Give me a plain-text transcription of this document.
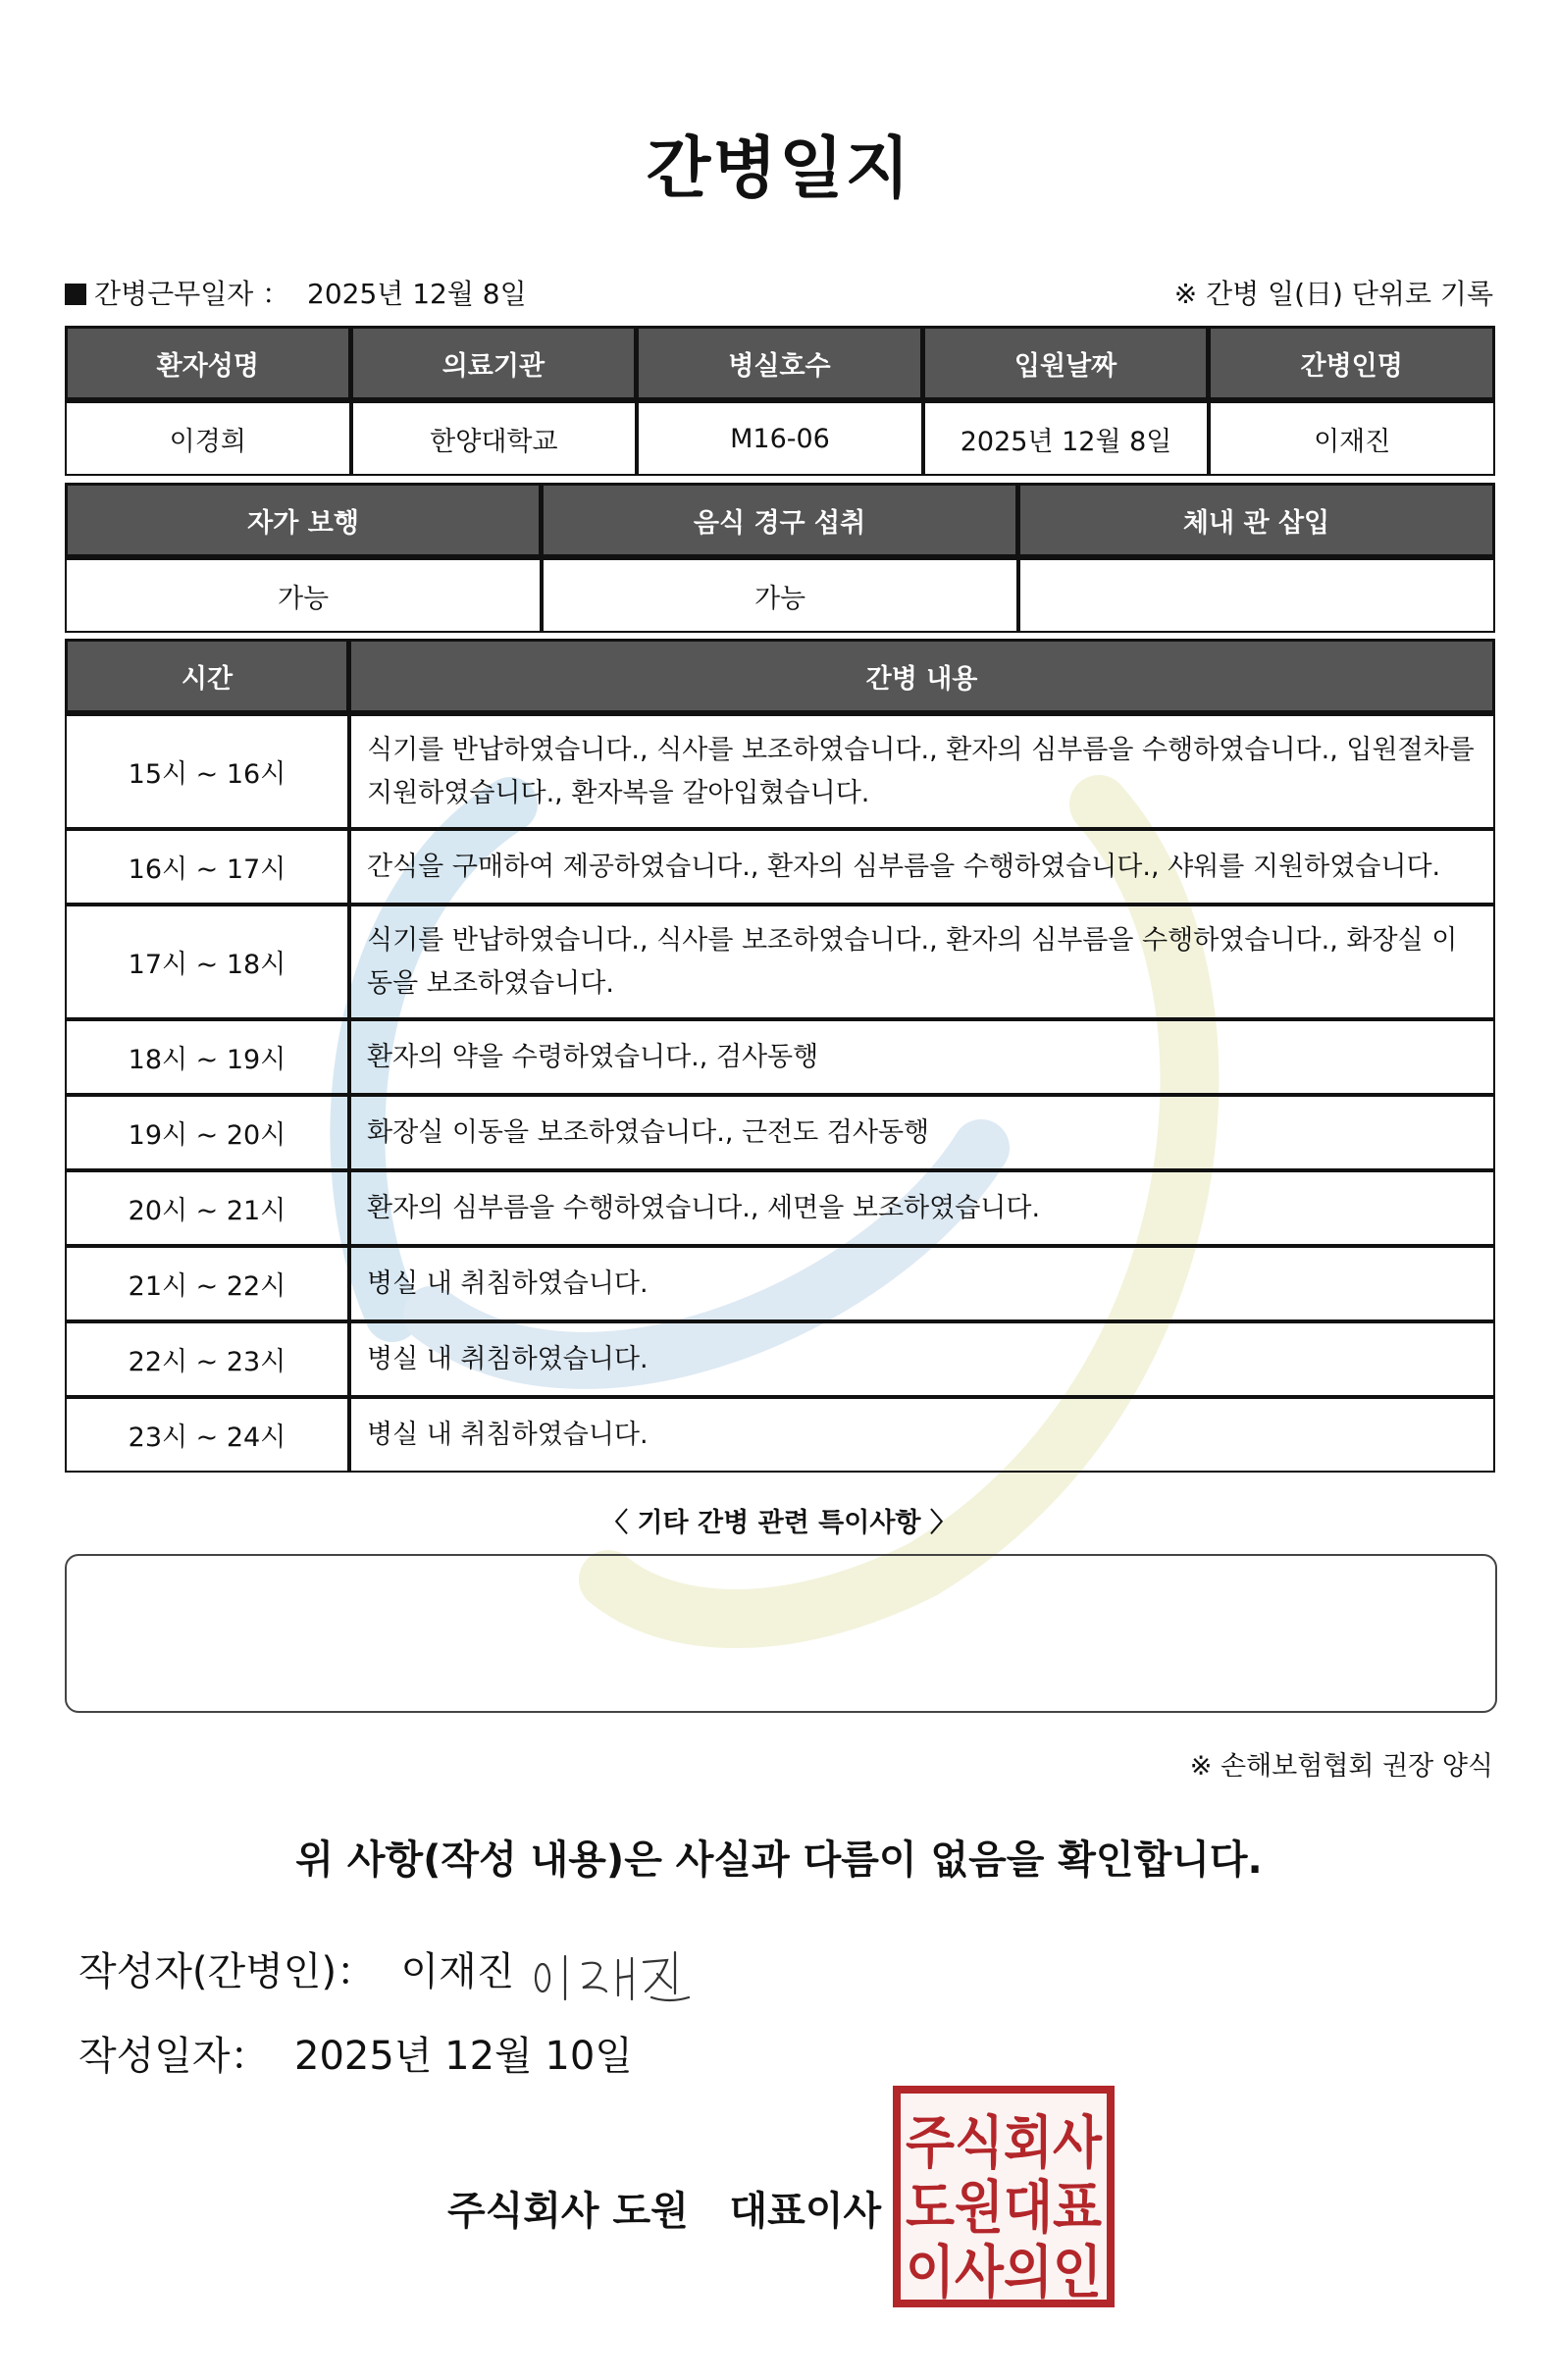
간병일지
간병근무일자 ： 2025년 12월 8일	※ 간병 일(日) 단위로 기록
환자성명	의료기관	병실호수	입원날짜	간병인명
이경희	한양대학교	M16-06	2025년 12월 8일	이재진
자가 보행	음식 경구 섭취	체내 관 삽입
가능	가능	
시간	간병 내용
15시 ~ 16시	식기를 반납하였습니다., 식사를 보조하였습니다., 환자의 심부름을 수행하였습니다., 입원절차를 지원하였습니다., 환자복을 갈아입혔습니다.
16시 ~ 17시	간식을 구매하여 제공하였습니다., 환자의 심부름을 수행하였습니다., 샤워를 지원하였습니다.
17시 ~ 18시	식기를 반납하였습니다., 식사를 보조하였습니다., 환자의 심부름을 수행하였습니다., 화장실 이동을 보조하였습니다.
18시 ~ 19시	환자의 약을 수령하였습니다., 검사동행
19시 ~ 20시	화장실 이동을 보조하였습니다., 근전도 검사동행
20시 ~ 21시	환자의 심부름을 수행하였습니다., 세면을 보조하였습니다.
21시 ~ 22시	병실 내 취침하였습니다.
22시 ~ 23시	병실 내 취침하였습니다.
23시 ~ 24시	병실 내 취침하였습니다.
〈 기타 간병 관련 특이사항 〉
※ 손해보험협회 권장 양식
위 사항(작성 내용)은 사실과 다름이 없음을 확인합니다.
작성자(간병인)： 이재진
작성일자： 2025년 12월 10일
주식회사 도원   대표이사
주식회사
도원대표
이사의인
